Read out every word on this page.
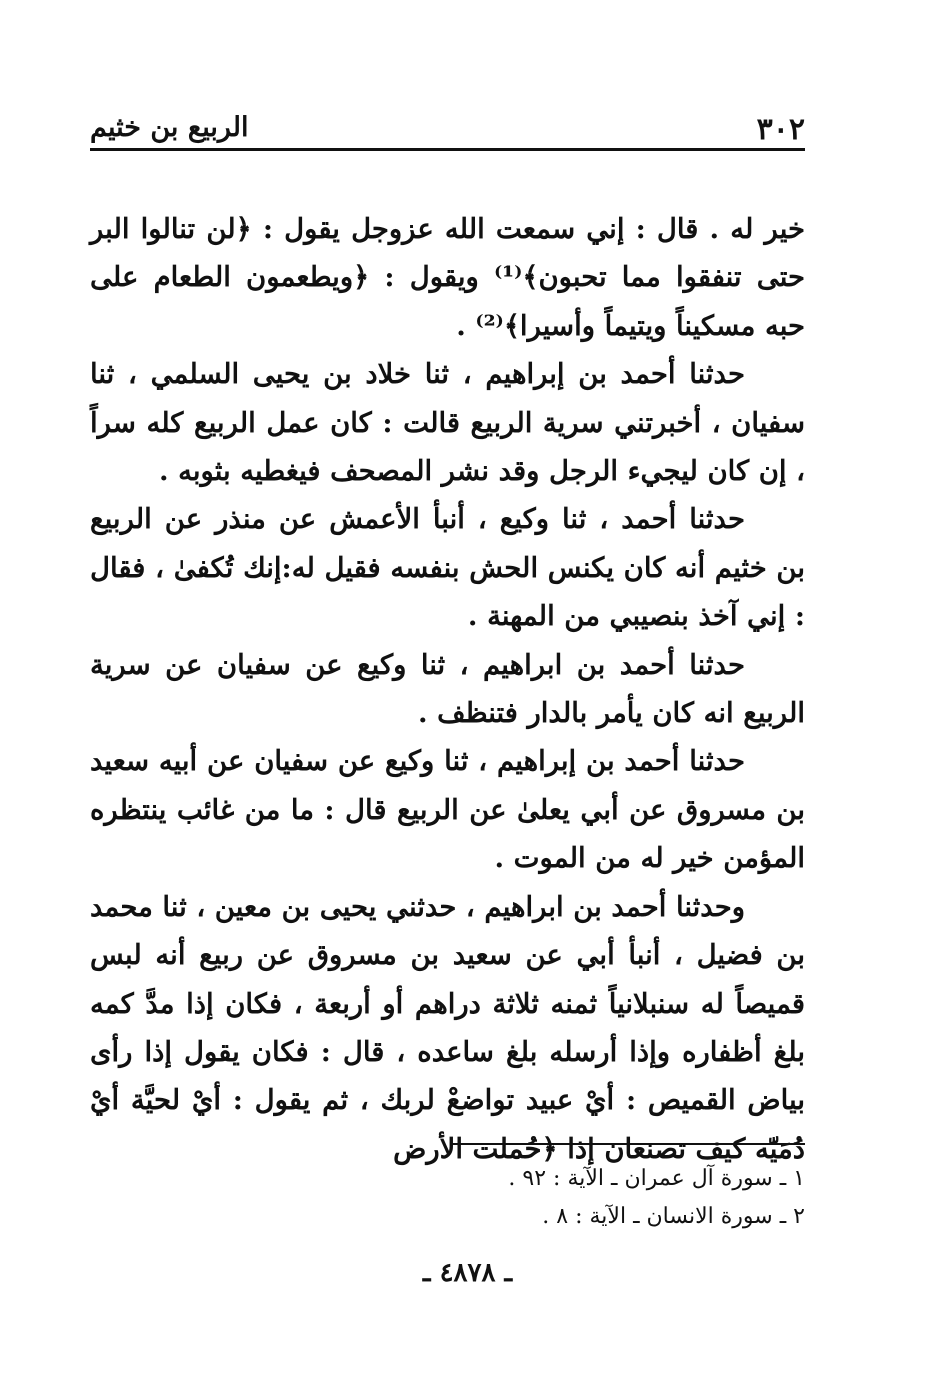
٣٠٢
الربيع بن خثيم

خير له . قال : إني سمعت الله عزوجل يقول : ﴿لن تنالوا البر حتى تنفقوا مما تحبون﴾⁽¹⁾ ويقول : ﴿ويطعمون الطعام على حبه مسكيناً ويتيماً وأسيرا﴾⁽²⁾ .

حدثنا أحمد بن إبراهيم ، ثنا خلاد بن يحيى السلمي ، ثنا سفيان ، أخبرتني سرية الربيع قالت : كان عمل الربيع كله سراً ، إن كان ليجيء الرجل وقد نشر المصحف فيغطيه بثوبه .

حدثنا أحمد ، ثنا وكيع ، أنبأ الأعمش عن منذر عن الربيع بن خثيم أنه كان يكنس الحش بنفسه فقيل له:إنك تُكفىٰ ، فقال : إني آخذ بنصيبي من المهنة .

حدثنا أحمد بن ابراهيم ، ثنا وكيع عن سفيان عن سرية الربيع انه كان يأمر بالدار فتنظف .

حدثنا أحمد بن إبراهيم ، ثنا وكيع عن سفيان عن أبيه سعيد بن مسروق عن أبي يعلىٰ عن الربيع قال : ما من غائب ينتظره المؤمن خير له من الموت .

وحدثنا أحمد بن ابراهيم ، حدثني يحيى بن معين ، ثنا محمد بن فضيل ، أنبأ أبي عن سعيد بن مسروق عن ربيع أنه لبس قميصاً له سنبلانياً ثمنه ثلاثة دراهم أو أربعة ، فكان إذا مدَّ كمه بلغ أظفاره وإذا أرسله بلغ ساعده ، قال : فكان يقول إذا رأى بياض القميص : أيْ عبيد تواضعْ لربك ، ثم يقول : أيْ لحيَّة أيْ دُمَيّه كيف تصنعان إذا ﴿حُملت الأرض

١ ـ سورة آل عمران ـ الآية : ٩٢ .

٢ ـ سورة الانسان ـ الآية : ٨ .

ـ ٤٨٧٨ ـ
